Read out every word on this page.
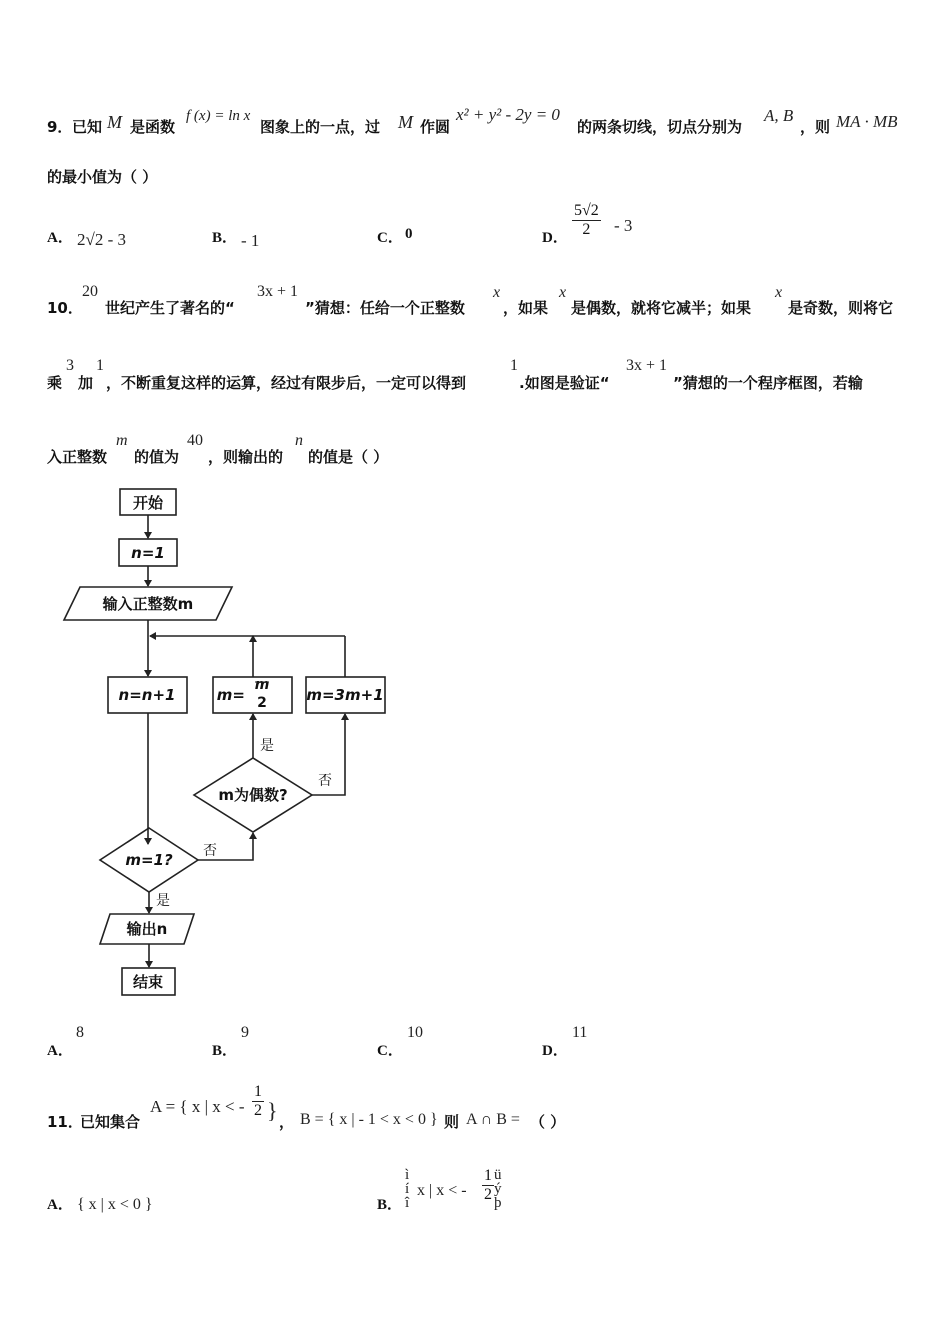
9． 已知 M 是函数
f (x) = ln x
图象上的一点，过 M 作圆
x² + y² - 2y = 0
的两条切线，切点分别为
A, B
，则 MA · MB
的最小值为（ ）
A． 2√2 - 3	B． - 1	C． 0	D． $\frac{5√2}{2} - 3$
10．
20
世纪产生了著名的“
3x + 1
”猜想：任给一个正整数
x
，如果
x
是偶数，就将它减半；如果
x
是奇数，则将它
乘
3
加
1
，不断重复这样的运算，经过有限步后，一定可以得到
1
.如图是验证“
3x + 1
”猜想的一个程序框图，若输
入正整数
m
的值为
40
，则输出的
n
的值是（ ）
开始
n=1
输入正整数m
n=n+1	m=
m
2	m=3m+1
m为偶数?
m=1?
输出n
结束
是
否
否
是
A．
8
B．
9
C．
10
D．
11
11．
已知集合
A = { x | x < - $\frac{1}{2}$ } ， B = { x | - 1 < x < 0 } 则 A ∩ B = （ ）
A． { x | x < 0 }	B．
ì
í
î
x | x < - $\frac{1}{2}$ ü
ý
þ
